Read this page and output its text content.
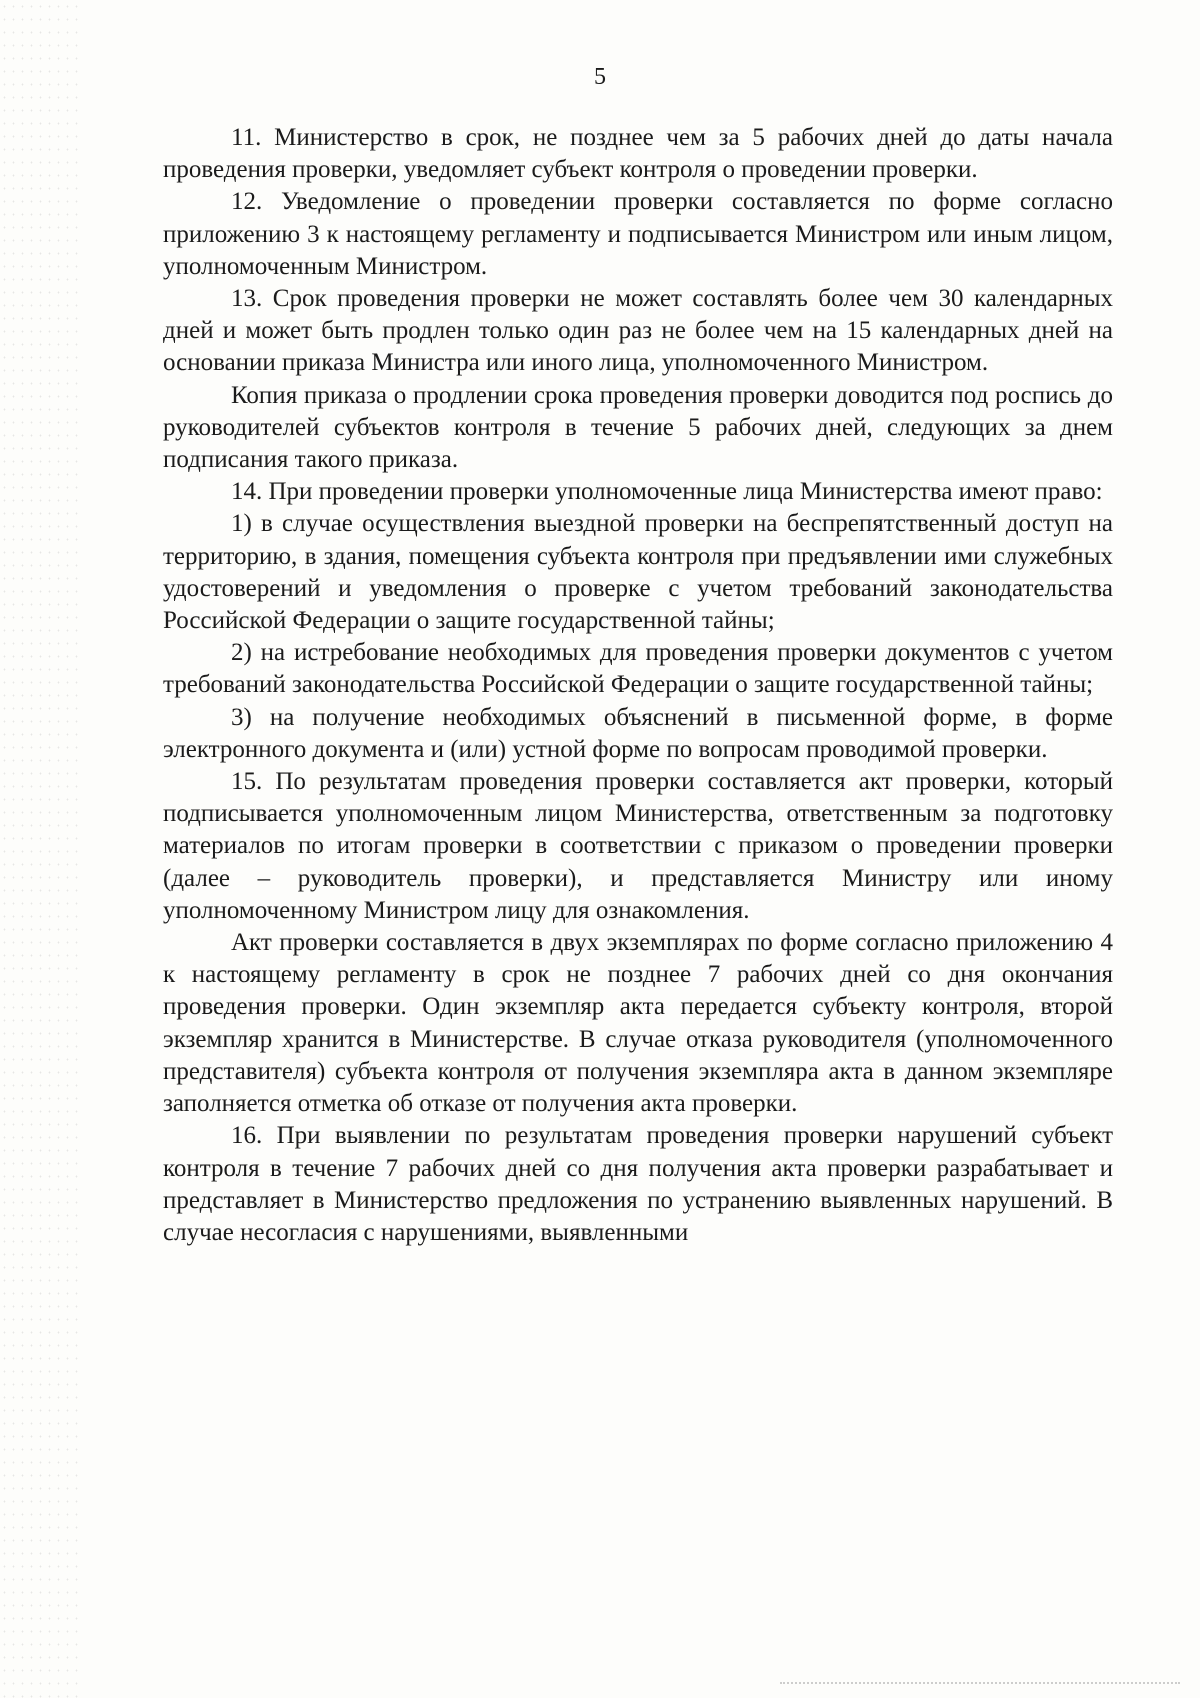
5

11. Министерство в срок, не позднее чем за 5 рабочих дней до даты начала проведения проверки, уведомляет субъект контроля о проведении проверки.

12. Уведомление о проведении проверки составляется по форме согласно приложению 3 к настоящему регламенту и подписывается Министром или иным лицом, уполномоченным Министром.

13. Срок проведения проверки не может составлять более чем 30 календарных дней и может быть продлен только один раз не более чем на 15 календарных дней на основании приказа Министра или иного лица, уполномоченного Министром.

Копия приказа о продлении срока проведения проверки доводится под роспись до руководителей субъектов контроля в течение 5 рабочих дней, следующих за днем подписания такого приказа.

14. При проведении проверки уполномоченные лица Министерства имеют право:

1) в случае осуществления выездной проверки на беспрепятственный доступ на территорию, в здания, помещения субъекта контроля при предъявлении ими служебных удостоверений и уведомления о проверке с учетом требований законодательства Российской Федерации о защите государственной тайны;

2) на истребование необходимых для проведения проверки документов с учетом требований законодательства Российской Федерации о защите государственной тайны;

3) на получение необходимых объяснений в письменной форме, в форме электронного документа и (или) устной форме по вопросам проводимой проверки.

15. По результатам проведения проверки составляется акт проверки, который подписывается уполномоченным лицом Министерства, ответственным за подготовку материалов по итогам проверки в соответствии с приказом о проведении проверки (далее – руководитель проверки), и представляется Министру или иному уполномоченному Министром лицу для ознакомления.

Акт проверки составляется в двух экземплярах по форме согласно приложению 4 к настоящему регламенту в срок не позднее 7 рабочих дней со дня окончания проведения проверки. Один экземпляр акта передается субъекту контроля, второй экземпляр хранится в Министерстве. В случае отказа руководителя (уполномоченного представителя) субъекта контроля от получения экземпляра акта в данном экземпляре заполняется отметка об отказе от получения акта проверки.

16. При выявлении по результатам проведения проверки нарушений субъект контроля в течение 7 рабочих дней со дня получения акта проверки разрабатывает и представляет в Министерство предложения по устранению выявленных нарушений. В случае несогласия с нарушениями, выявленными
